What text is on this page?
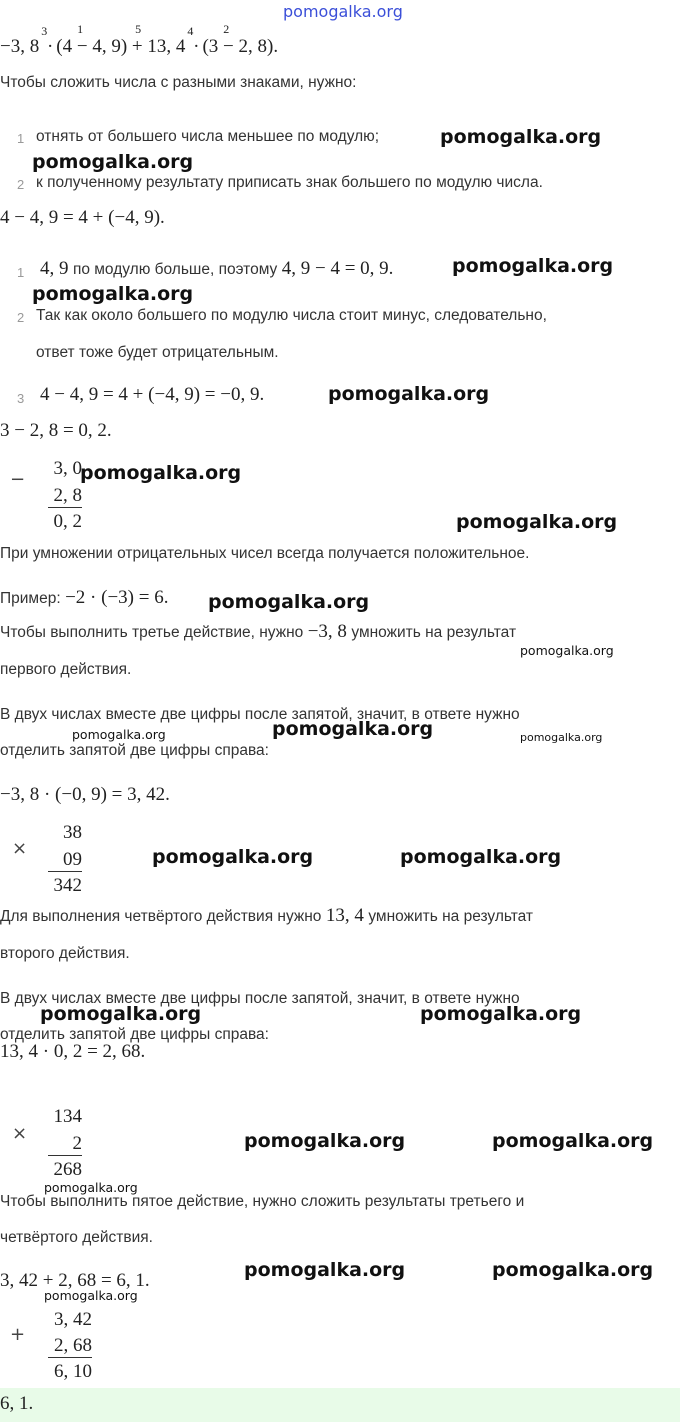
pomogalka.org
−3, 8
3
· (4
1
− 4, 9)
5
+ 13, 4
4
· (3
2
− 2, 8).
Чтобы сложить числа с разными знаками, нужно:
1 отнять от большего числа меньшее по модулю;	pomogalka.org
pomogalka.org
2 к полученному результату приписать знак большего по модулю числа.
4 − 4, 9 = 4 + (−4, 9).
1 4, 9 по модулю больше, поэтому 4, 9 − 4 = 0, 9.	pomogalka.org
pomogalka.org
2 Так как около большего по модулю числа стоит минус, следовательно,
ответ тоже будет отрицательным.
3 4 − 4, 9 = 4 + (−4, 9) = −0, 9.	pomogalka.org
3 − 2, 8 = 0, 2.
−
3, 0
2, 8
0, 2
pomogalka.org
pomogalka.org
При умножении отрицательных чисел всегда получается положительное.
Пример: −2 · (−3) = 6. pomogalka.org
Чтобы выполнить третье действие, нужно −3, 8 умножить на результат
pomogalka.org
первого действия.
В двух числах вместе две цифры после запятой, значит, в ответе нужно
pomogalka.org	pomogalka.org	pomogalka.org
отделить запятой две цифры справа:
−3, 8 · (−0, 9) = 3, 42.
×
38
09
342
pomogalka.org	pomogalka.org
Для выполнения четвёртого действия нужно 13, 4 умножить на результат
второго действия.
В двух числах вместе две цифры после запятой, значит, в ответе нужно
pomogalka.org	pomogalka.org
отделить запятой две цифры справа:
13, 4 · 0, 2 = 2, 68.
×
134
2
268
pomogalka.org	pomogalka.org
pomogalka.org
Чтобы выполнить пятое действие, нужно сложить результаты третьего и
четвёртого действия.
3, 42 + 2, 68 = 6, 1.	pomogalka.org	pomogalka.org
pomogalka.org
+
3, 42
2, 68
6, 10
6, 1.
